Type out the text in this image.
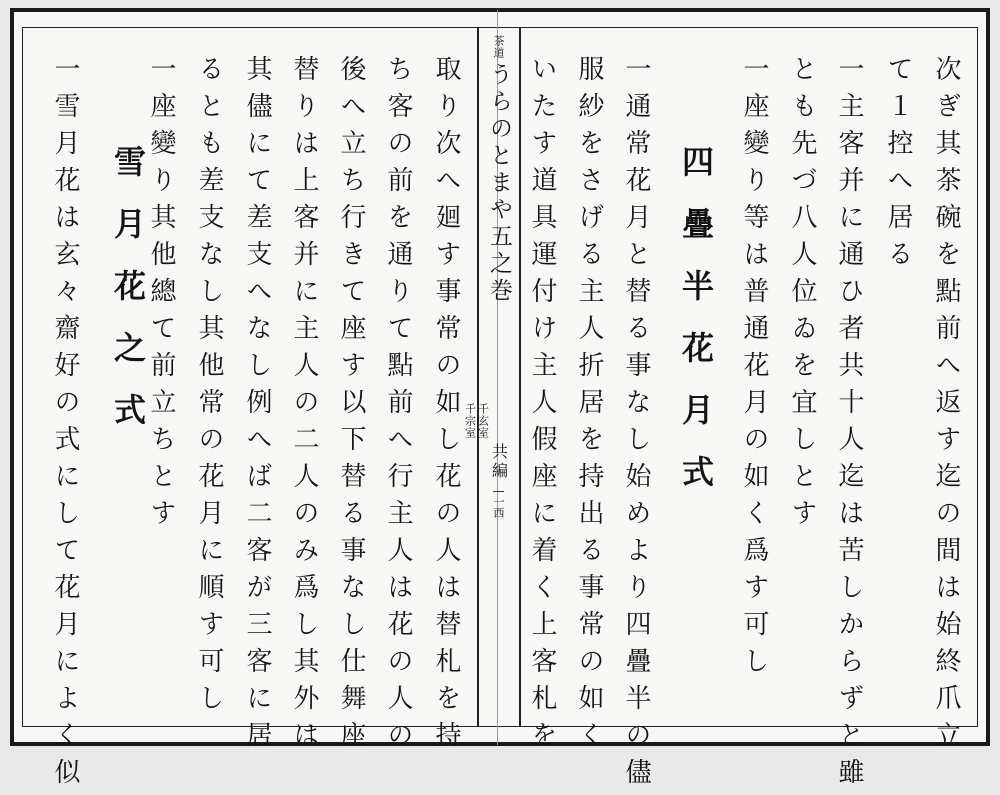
次ぎ其茶碗を點前へ返す迄の間は始終爪立
て１控へ居る
一主客并に通ひ者共十人迄は苦しからずと雖
とも先づ八人位ゐを宜しとす
一座變り等は普通花月の如く爲す可し
四疊半花月式
一通常花月と替る事なし始めより四疊半の儘
服紗をさげる主人折居を持出る事常の如く
いたす道具運付け主人假座に着く上客札を
茶道
うらのとまや五之巻
千宗室 千玄室
共編
一西
取り次へ廻す事常の如し花の人は替札を持
ち客の前を通りて點前へ行主人は花の人の
後へ立ち行きて座す以下替る事なし仕舞座
替りは上客并に主人の二人のみ爲し其外は
其儘にて差支へなし例へば二客が三客に居
るとも差支なし其他常の花月に順す可し
一座變り其他總て前立ちとす
雪月花之式
一雪月花は玄々齋好の式にして花月によく似
